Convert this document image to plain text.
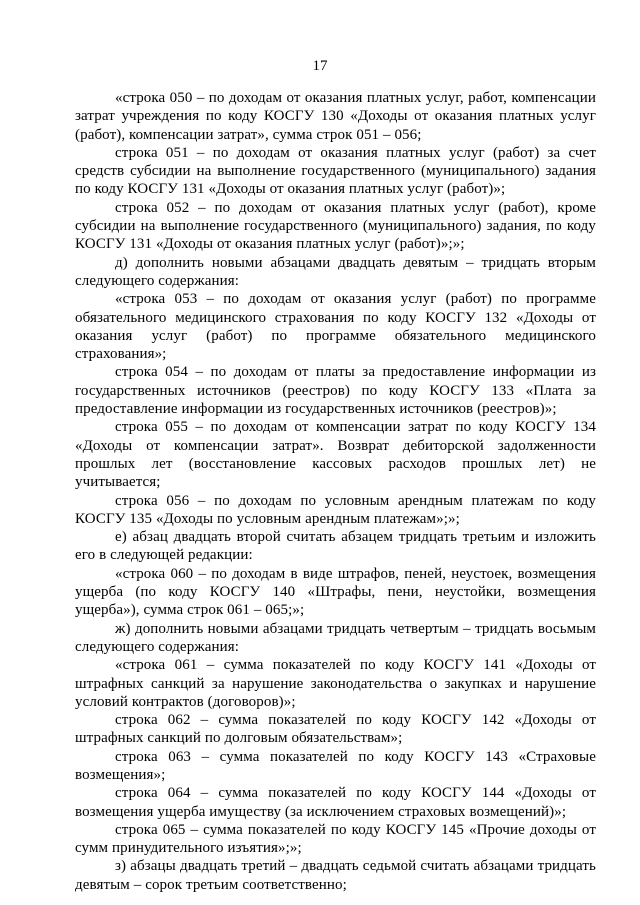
17

«строка 050 – по доходам от оказания платных услуг, работ, компенсации затрат учреждения по коду КОСГУ 130 «Доходы от оказания платных услуг (работ), компенсации затрат», сумма строк 051 – 056;

строка 051 – по доходам от оказания платных услуг (работ) за счет средств субсидии на выполнение государственного (муниципального) задания по коду КОСГУ 131 «Доходы от оказания платных услуг (работ)»;

строка 052 – по доходам от оказания платных услуг (работ), кроме субсидии на выполнение государственного (муниципального) задания, по коду КОСГУ 131 «Доходы от оказания платных услуг (работ)»;»;

д) дополнить новыми абзацами двадцать девятым – тридцать вторым следующего содержания:

«строка 053 – по доходам от оказания услуг (работ) по программе обязательного медицинского страхования по коду КОСГУ 132 «Доходы от оказания услуг (работ) по программе обязательного медицинского страхования»;

строка 054 – по доходам от платы за предоставление информации из государственных источников (реестров) по коду КОСГУ 133 «Плата за предоставление информации из государственных источников (реестров)»;

строка 055 – по доходам от компенсации затрат по коду КОСГУ 134 «Доходы от компенсации затрат». Возврат дебиторской задолженности прошлых лет (восстановление кассовых расходов прошлых лет) не учитывается;

строка 056 – по доходам по условным арендным платежам по коду КОСГУ 135 «Доходы по условным арендным платежам»;»;

е) абзац двадцать второй считать абзацем тридцать третьим и изложить его в следующей редакции:

«строка 060 – по доходам в виде штрафов, пеней, неустоек, возмещения ущерба (по коду КОСГУ 140 «Штрафы, пени, неустойки, возмещения ущерба»), сумма строк 061 – 065;»;

ж) дополнить новыми абзацами тридцать четвертым – тридцать восьмым следующего содержания:

«строка 061 – сумма показателей по коду КОСГУ 141 «Доходы от штрафных санкций за нарушение законодательства о закупках и нарушение условий контрактов (договоров)»;

строка 062 – сумма показателей по коду КОСГУ 142 «Доходы от штрафных санкций по долговым обязательствам»;

строка 063 – сумма показателей по коду КОСГУ 143 «Страховые возмещения»;

строка 064 – сумма показателей по коду КОСГУ 144 «Доходы от возмещения ущерба имуществу (за исключением страховых возмещений)»;

строка 065 – сумма показателей по коду КОСГУ 145 «Прочие доходы от сумм принудительного изъятия»;»;

з) абзацы двадцать третий – двадцать седьмой считать абзацами тридцать девятым – сорок третьим соответственно;
